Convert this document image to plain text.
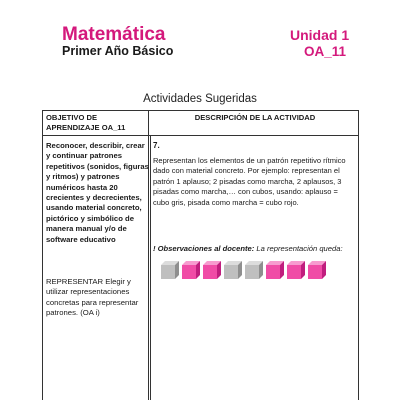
Matemática
Primer Año Básico
Unidad 1
OA_11
Actividades Sugeridas
OBJETIVO DE APRENDIZAJE OA_11
DESCRIPCIÓN DE LA ACTIVIDAD
Reconocer, describir, crear y continuar patrones repetitivos (sonidos, figuras y ritmos) y patrones numéricos hasta 20 crecientes y decrecientes, usando material concreto, pictórico y simbólico de manera manual y/o de software educativo
REPRESENTAR Elegir y utilizar representaciones concretas para representar patrones. (OA i)
7.
Representan los elementos de un patrón repetitivo rítmico dado con material concreto. Por ejemplo: representan el patrón 1 aplauso; 2 pisadas como marcha, 2 aplausos, 3 pisadas como marcha,… con cubos, usando: aplauso = cubo gris, pisada como marcha = cubo rojo.
! Observaciones al docente: La representación queda:
